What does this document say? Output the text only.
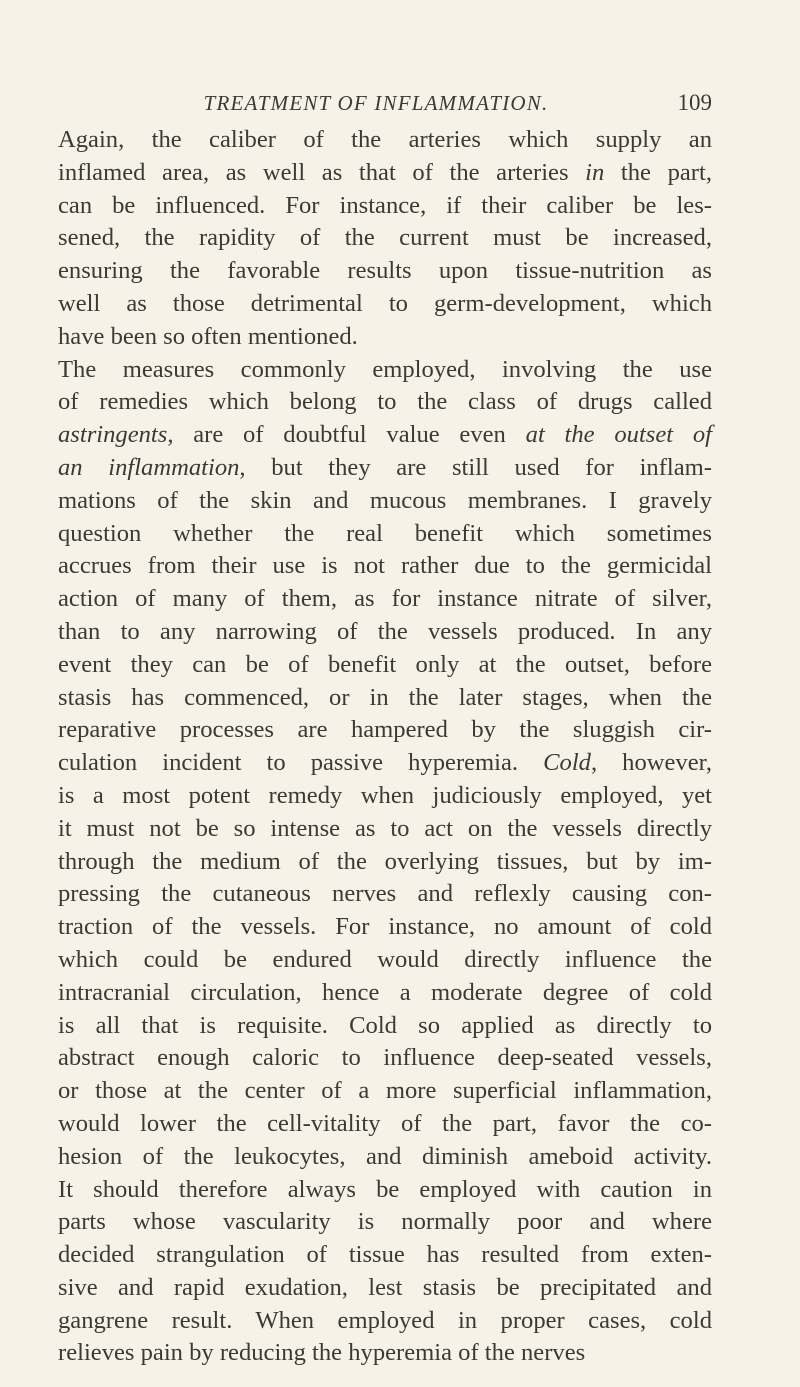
TREATMENT OF INFLAMMATION.	109
Again, the caliber of the arteries which supply an
inflamed area, as well as that of the arteries in the part,
can be influenced. For instance, if their caliber be les-
sened, the rapidity of the current must be increased,
ensuring the favorable results upon tissue-nutrition as
well as those detrimental to germ-development, which
have been so often mentioned.
The measures commonly employed, involving the use
of remedies which belong to the class of drugs called
astringents, are of doubtful value even at the outset of
an inflammation, but they are still used for inflam-
mations of the skin and mucous membranes. I gravely
question whether the real benefit which sometimes
accrues from their use is not rather due to the germicidal
action of many of them, as for instance nitrate of silver,
than to any narrowing of the vessels produced. In any
event they can be of benefit only at the outset, before
stasis has commenced, or in the later stages, when the
reparative processes are hampered by the sluggish cir-
culation incident to passive hyperemia. Cold, however,
is a most potent remedy when judiciously employed, yet
it must not be so intense as to act on the vessels directly
through the medium of the overlying tissues, but by im-
pressing the cutaneous nerves and reflexly causing con-
traction of the vessels. For instance, no amount of cold
which could be endured would directly influence the
intracranial circulation, hence a moderate degree of cold
is all that is requisite. Cold so applied as directly to
abstract enough caloric to influence deep-seated vessels,
or those at the center of a more superficial inflammation,
would lower the cell-vitality of the part, favor the co-
hesion of the leukocytes, and diminish ameboid activity.
It should therefore always be employed with caution in
parts whose vascularity is normally poor and where
decided strangulation of tissue has resulted from exten-
sive and rapid exudation, lest stasis be precipitated and
gangrene result. When employed in proper cases, cold
relieves pain by reducing the hyperemia of the nerves
